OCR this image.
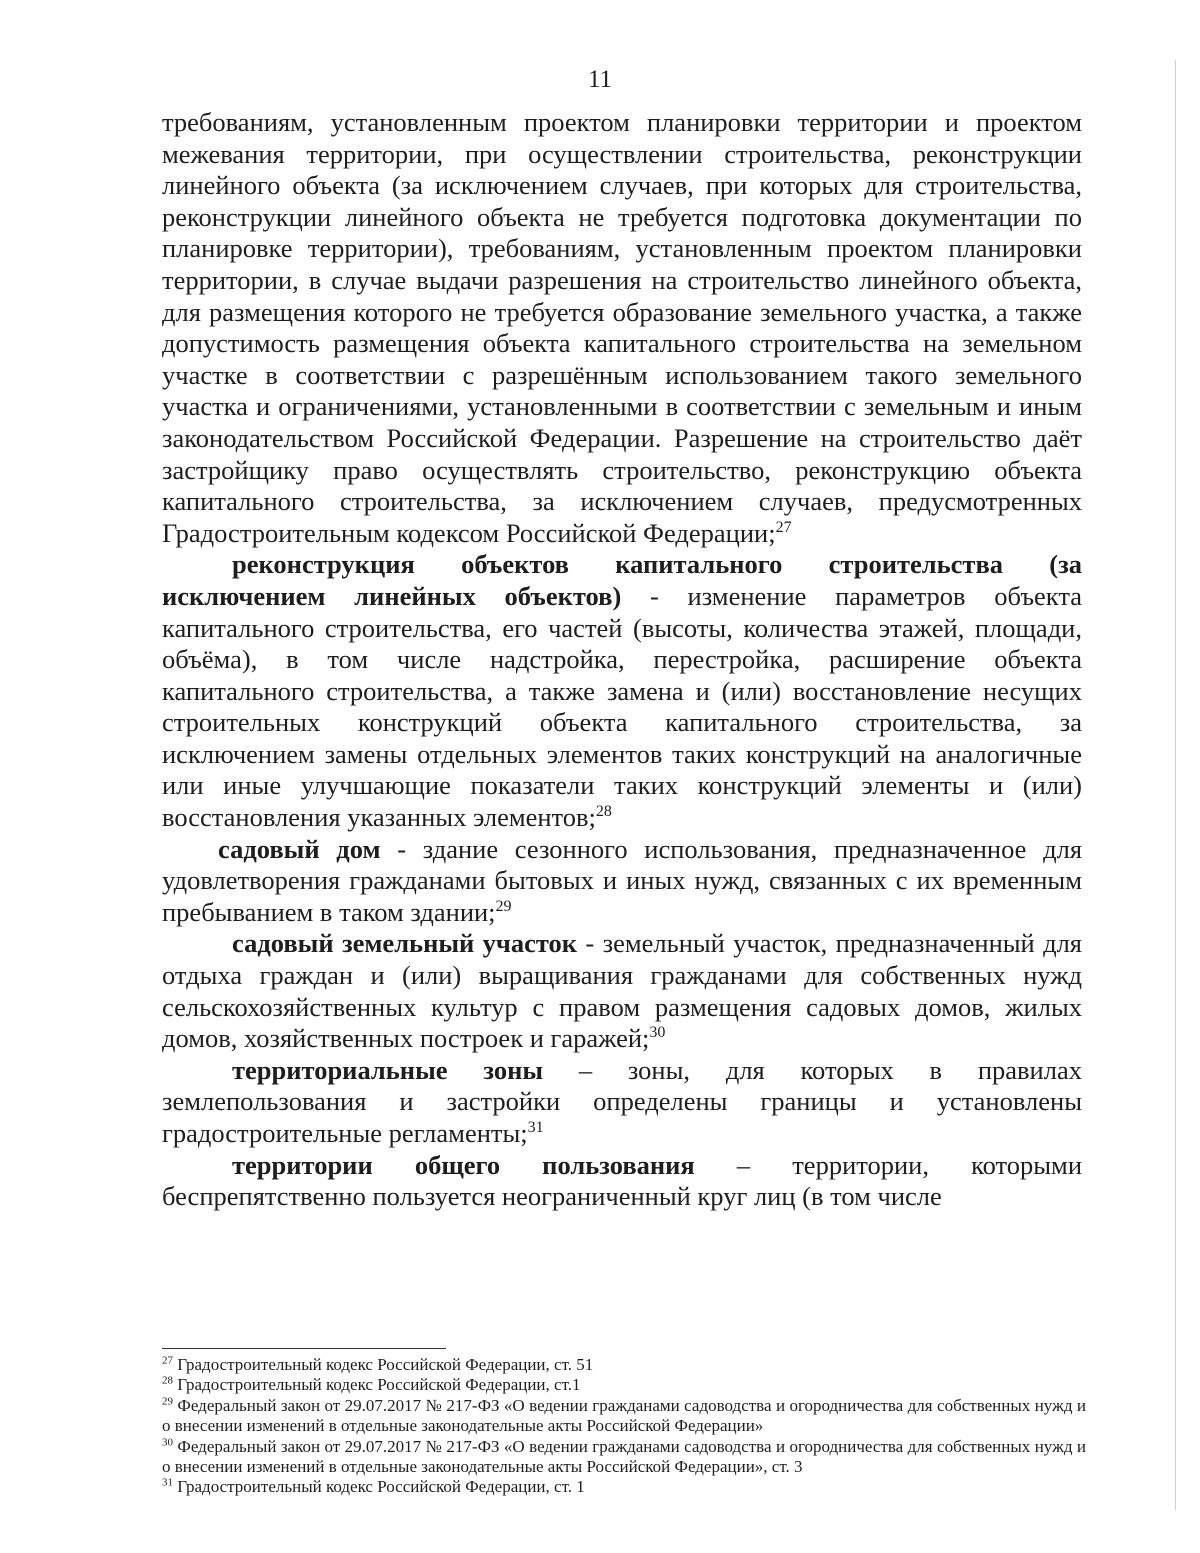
11

требованиям, установленным проектом планировки территории и проектом межевания территории, при осуществлении строительства, реконструкции линейного объекта (за исключением случаев, при которых для строительства, реконструкции линейного объекта не требуется подготовка документации по планировке территории), требованиям, установленным проектом планировки территории, в случае выдачи разрешения на строительство линейного объекта, для размещения которого не требуется образование земельного участка, а также допустимость размещения объекта капитального строительства на земельном участке в соответствии с разрешённым использованием такого земельного участка и ограничениями, установленными в соответствии с земельным и иным законодательством Российской Федерации. Разрешение на строительство даёт застройщику право осуществлять строительство, реконструкцию объекта капитального строительства, за исключением случаев, предусмотренных Градостроительным кодексом Российской Федерации;$^{27}$

реконструкция объектов капитального строительства (за исключением линейных объектов) - изменение параметров объекта капитального строительства, его частей (высоты, количества этажей, площади, объёма), в том числе надстройка, перестройка, расширение объекта капитального строительства, а также замена и (или) восстановление несущих строительных конструкций объекта капитального строительства, за исключением замены отдельных элементов таких конструкций на аналогичные или иные улучшающие показатели таких конструкций элементы и (или) восстановления указанных элементов;$^{28}$

садовый дом - здание сезонного использования, предназначенное для удовлетворения гражданами бытовых и иных нужд, связанных с их временным пребыванием в таком здании;$^{29}$

садовый земельный участок - земельный участок, предназначенный для отдыха граждан и (или) выращивания гражданами для собственных нужд сельскохозяйственных культур с правом размещения садовых домов, жилых домов, хозяйственных построек и гаражей;$^{30}$

территориальные зоны – зоны, для которых в правилах землепользования и застройки определены границы и установлены градостроительные регламенты;$^{31}$

территории общего пользования – территории, которыми беспрепятственно пользуется неограниченный круг лиц (в том числе

$^{27}$ Градостроительный кодекс Российской Федерации, ст. 51

$^{28}$ Градостроительный кодекс Российской Федерации, ст.1

$^{29}$ Федеральный закон от 29.07.2017 № 217-ФЗ «О ведении гражданами садоводства и огородничества для собственных нужд и о внесении изменений в отдельные законодательные акты Российской Федерации»

$^{30}$ Федеральный закон от 29.07.2017 № 217-ФЗ «О ведении гражданами садоводства и огородничества для собственных нужд и о внесении изменений в отдельные законодательные акты Российской Федерации», ст. 3

$^{31}$ Градостроительный кодекс Российской Федерации, ст. 1
